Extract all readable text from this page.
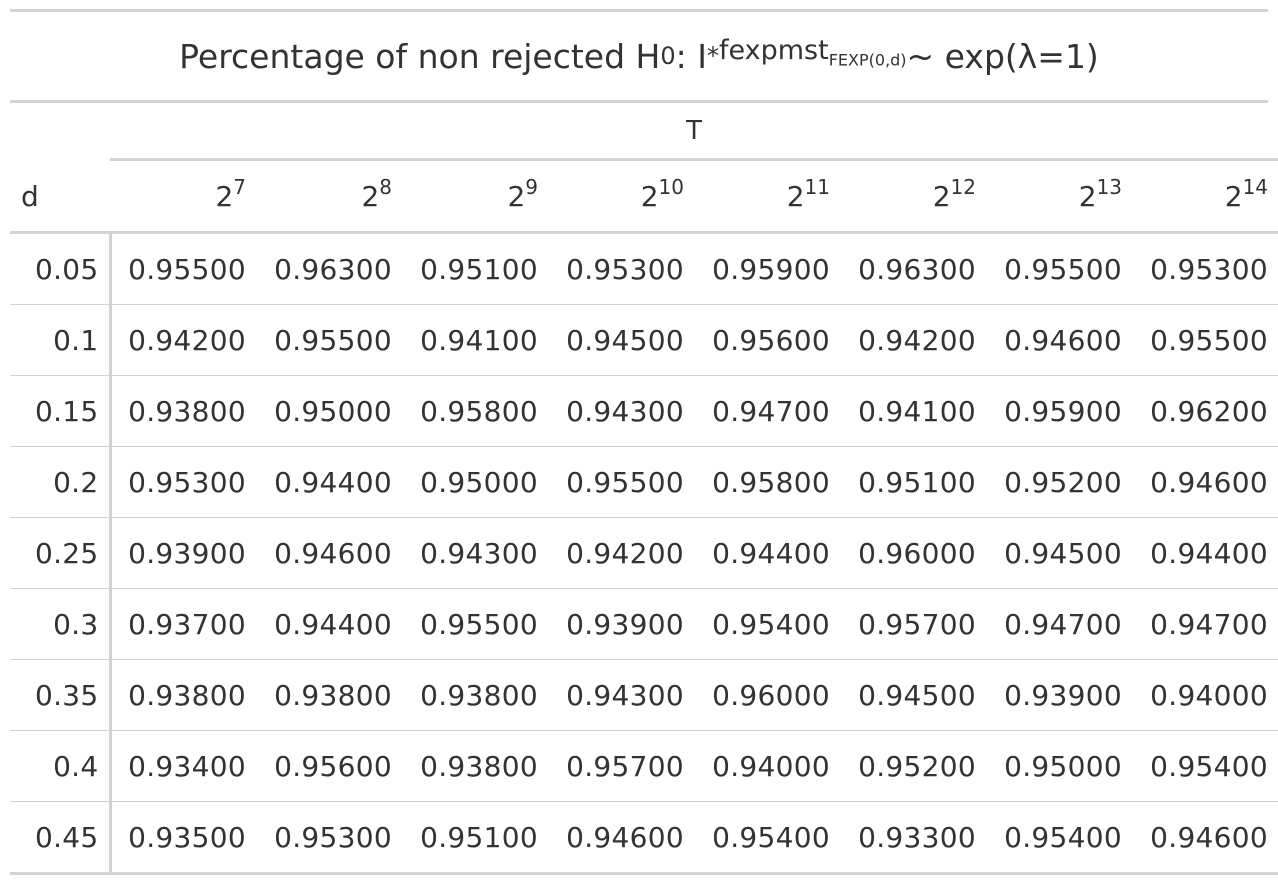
Percentage of non rejected H 0 : I * fexpmst$_{FEXP(0,d)}$ ~ exp(λ=1)

	T							

d	$2^7$	$2^8$	$2^9$	$2^{10}$	$2^{11}$	$2^{12}$	$2^{13}$	$2^{14}$
0.05	0.95500	0.96300	0.95100	0.95300	0.95900	0.96300	0.95500	0.95300
0.1	0.94200	0.95500	0.94100	0.94500	0.95600	0.94200	0.94600	0.95500
0.15	0.93800	0.95000	0.95800	0.94300	0.94700	0.94100	0.95900	0.96200
0.2	0.95300	0.94400	0.95000	0.95500	0.95800	0.95100	0.95200	0.94600
0.25	0.93900	0.94600	0.94300	0.94200	0.94400	0.96000	0.94500	0.94400
0.3	0.93700	0.94400	0.95500	0.93900	0.95400	0.95700	0.94700	0.94700
0.35	0.93800	0.93800	0.93800	0.94300	0.96000	0.94500	0.93900	0.94000
0.4	0.93400	0.95600	0.93800	0.95700	0.94000	0.95200	0.95000	0.95400
0.45	0.93500	0.95300	0.95100	0.94600	0.95400	0.93300	0.95400	0.94600
